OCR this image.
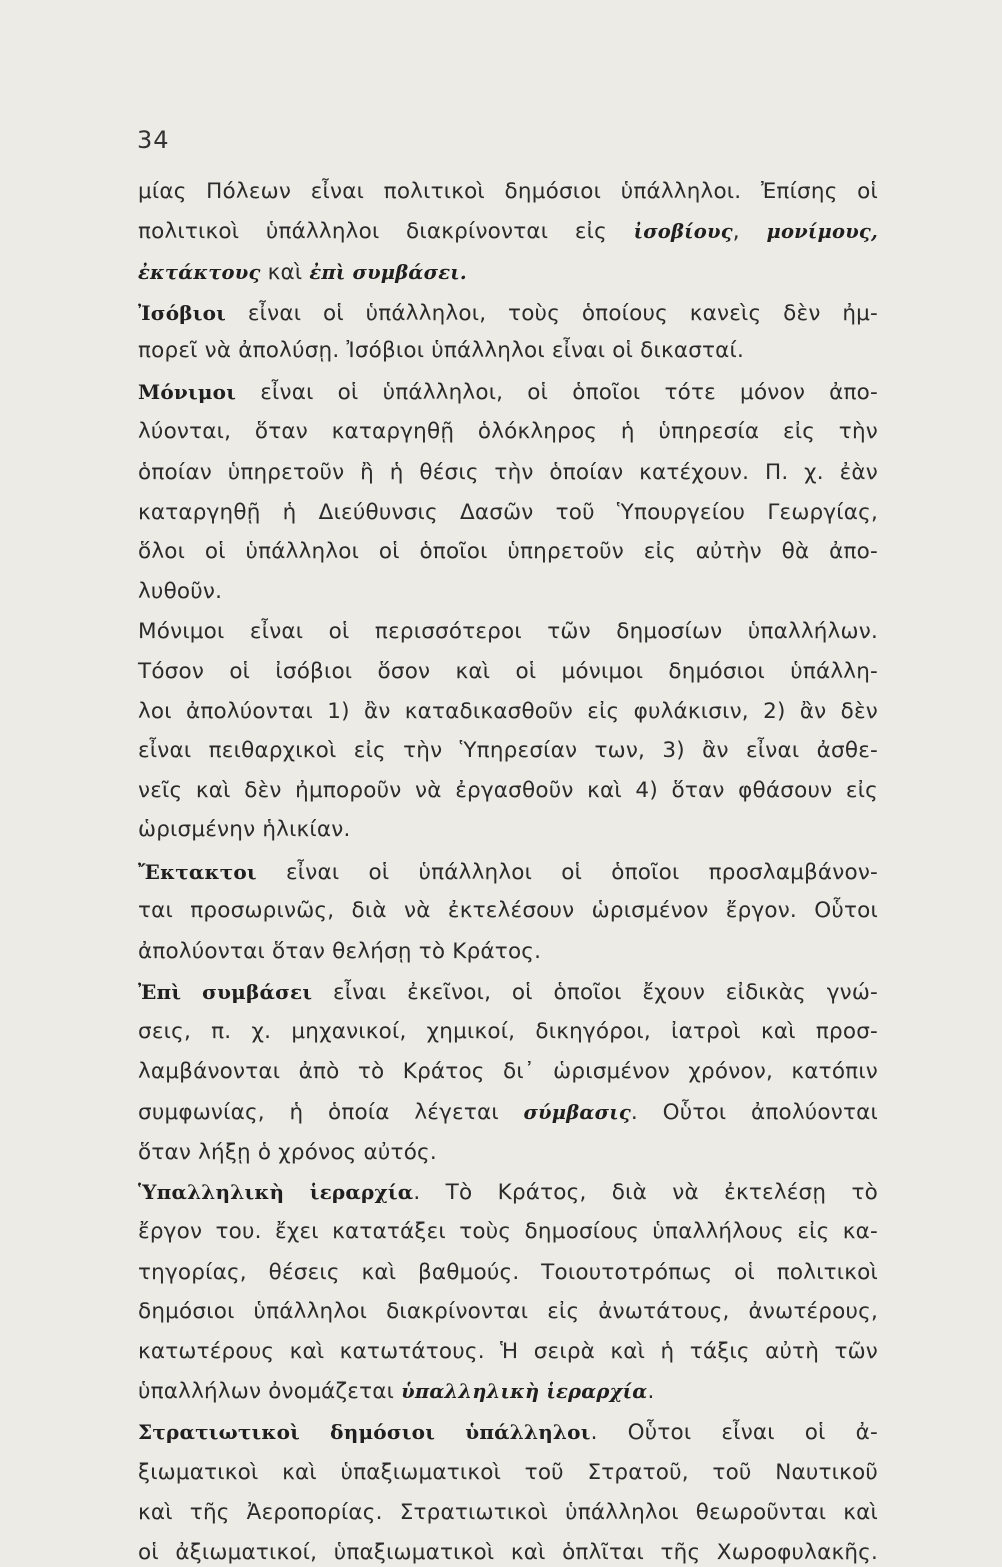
34
μίας Πόλεων εἶναι πολιτικοὶ δημόσιοι ὑπάλληλοι. Ἐπίσης οἱ
πολιτικοὶ ὑπάλληλοι διακρίνονται εἰς ἰσοβίους, μονίμους,
ἐκτάκτους καὶ ἐπὶ συμβάσει.
Ἰσόβιοι εἶναι οἱ ὑπάλληλοι, τοὺς ὁποίους κανεὶς δὲν ἠμ-
πορεῖ νὰ ἀπολύσῃ. Ἰσόβιοι ὑπάλληλοι εἶναι οἱ δικασταί.
Μόνιμοι εἶναι οἱ ὑπάλληλοι, οἱ ὁποῖοι τότε μόνον ἀπο-
λύονται, ὅταν καταργηθῇ ὁλόκληρος ἡ ὑπηρεσία εἰς τὴν
ὁποίαν ὑπηρετοῦν ἢ ἡ θέσις τὴν ὁποίαν κατέχουν. Π. χ. ἐὰν
καταργηθῇ ἡ Διεύθυνσις Δασῶν τοῦ Ὑπουργείου Γεωργίας,
ὅλοι οἱ ὑπάλληλοι οἱ ὁποῖοι ὑπηρετοῦν εἰς αὐτὴν θὰ ἀπο-
λυθοῦν.
Μόνιμοι εἶναι οἱ περισσότεροι τῶν δημοσίων ὑπαλλήλων.
Τόσον οἱ ἰσόβιοι ὅσον καὶ οἱ μόνιμοι δημόσιοι ὑπάλλη-
λοι ἀπολύονται 1) ἂν καταδικασθοῦν εἰς φυλάκισιν, 2) ἂν δὲν
εἶναι πειθαρχικοὶ εἰς τὴν Ὑπηρεσίαν των, 3) ἂν εἶναι ἀσθε-
νεῖς καὶ δὲν ἠμποροῦν νὰ ἐργασθοῦν καὶ 4) ὅταν φθάσουν εἰς
ὡρισμένην ἡλικίαν.
Ἔκτακτοι εἶναι οἱ ὑπάλληλοι οἱ ὁποῖοι προσλαμβάνον-
ται προσωρινῶς, διὰ νὰ ἐκτελέσουν ὡρισμένον ἔργον. Οὗτοι
ἀπολύονται ὅταν θελήσῃ τὸ Κράτος.
Ἐπὶ συμβάσει εἶναι ἐκεῖνοι, οἱ ὁποῖοι ἔχουν εἰδικὰς γνώ-
σεις, π. χ. μηχανικοί, χημικοί, δικηγόροι, ἰατροὶ καὶ προσ-
λαμβάνονται ἀπὸ τὸ Κράτος δι᾽ ὡρισμένον χρόνον, κατόπιν
συμφωνίας, ἡ ὁποία λέγεται σύμβασις. Οὗτοι ἀπολύονται
ὅταν λήξῃ ὁ χρόνος αὐτός.
Ὑπαλληλικὴ ἱεραρχία. Τὸ Κράτος, διὰ νὰ ἐκτελέσῃ τὸ
ἔργον του. ἔχει κατατάξει τοὺς δημοσίους ὑπαλλήλους εἰς κα-
τηγορίας, θέσεις καὶ βαθμούς. Τοιουτοτρόπως οἱ πολιτικοὶ
δημόσιοι ὑπάλληλοι διακρίνονται εἰς ἀνωτάτους, ἀνωτέρους,
κατωτέρους καὶ κατωτάτους. Ἡ σειρὰ καὶ ἡ τάξις αὐτὴ τῶν
ὑπαλλήλων ὀνομάζεται ὑπαλληλικὴ ἱεραρχία.
Στρατιωτικοὶ δημόσιοι ὑπάλληλοι. Οὗτοι εἶναι οἱ ἀ-
ξιωματικοὶ καὶ ὑπαξιωματικοὶ τοῦ Στρατοῦ, τοῦ Ναυτικοῦ
καὶ τῆς Ἀεροπορίας. Στρατιωτικοὶ ὑπάλληλοι θεωροῦνται καὶ
οἱ ἀξιωματικοί, ὑπαξιωματικοὶ καὶ ὁπλῖται τῆς Χωροφυλακῆς.
